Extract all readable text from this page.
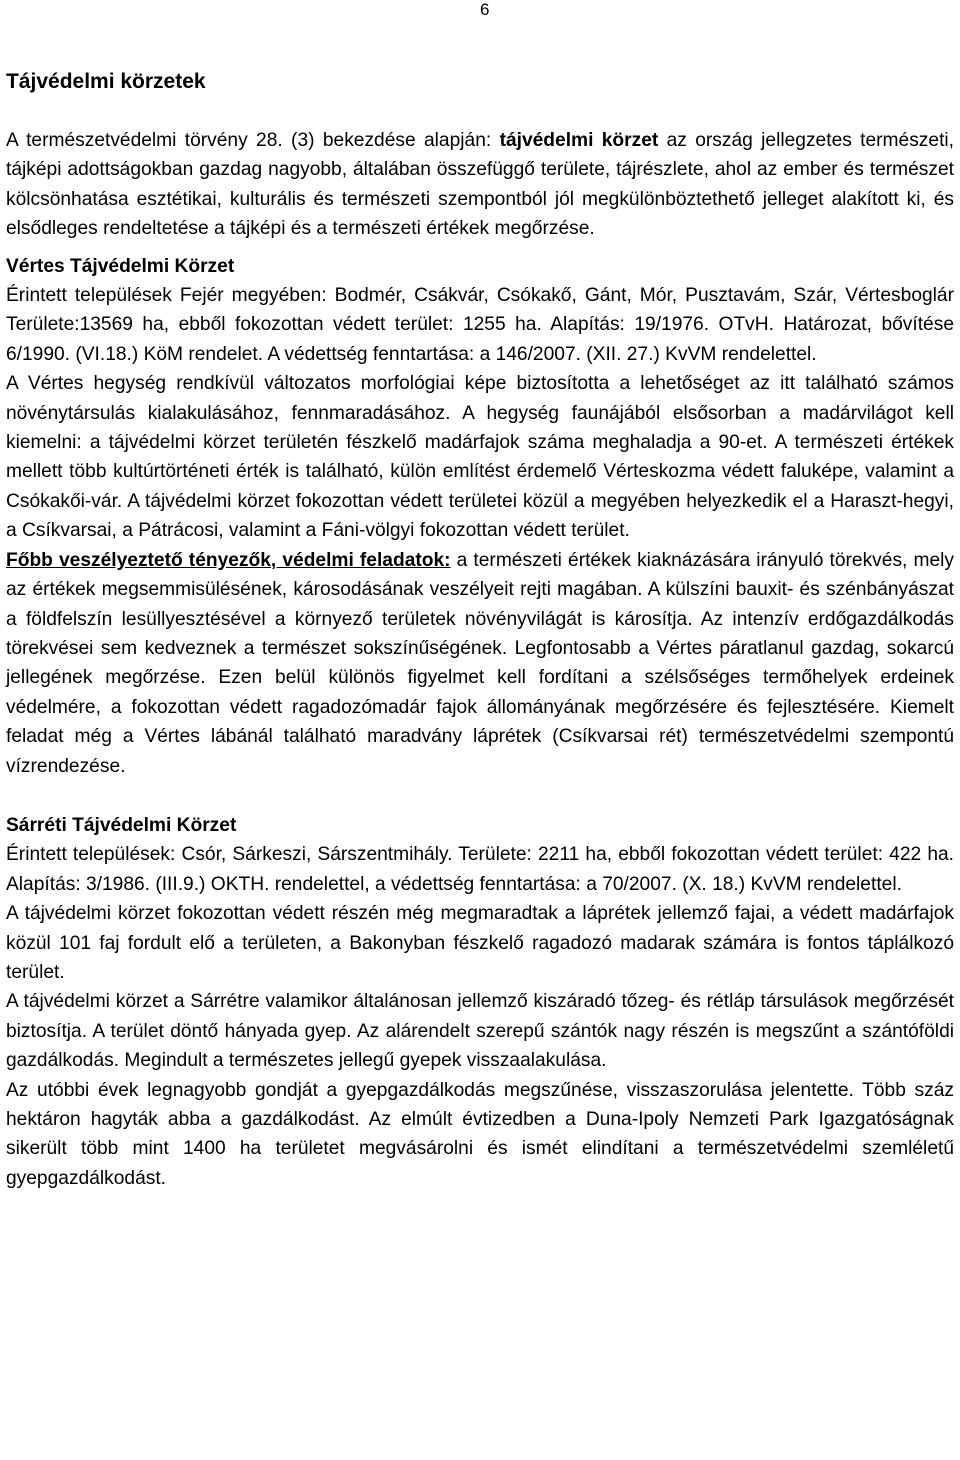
6
Tájvédelmi körzetek

A természetvédelmi törvény 28. (3) bekezdése alapján: tájvédelmi körzet az ország jellegzetes természeti, tájképi adottságokban gazdag nagyobb, általában összefüggő területe, tájrészlete, ahol az ember és természet kölcsönhatása esztétikai, kulturális és természeti szempontból jól megkülönböztethető jelleget alakított ki, és elsődleges rendeltetése a tájképi és a természeti értékek megőrzése.

Vértes Tájvédelmi Körzet

Érintett települések Fejér megyében: Bodmér, Csákvár, Csókakő, Gánt, Mór, Pusztavám, Szár, Vértesboglár Területe:13569 ha, ebből fokozottan védett terület: 1255 ha. Alapítás: 19/1976. OTvH. Határozat, bővítése 6/1990. (VI.18.) KöM rendelet. A védettség fenntartása: a 146/2007. (XII. 27.) KvVM rendelettel.

A Vértes hegység rendkívül változatos morfológiai képe biztosította a lehetőséget az itt található számos növénytársulás kialakulásához, fennmaradásához. A hegység faunájából elsősorban a madárvilágot kell kiemelni: a tájvédelmi körzet területén fészkelő madárfajok száma meghaladja a 90-et. A természeti értékek mellett több kultúrtörténeti érték is található, külön említést érdemelő Vérteskozma védett faluképe, valamint a Csókakői-vár. A tájvédelmi körzet fokozottan védett területei közül a megyében helyezkedik el a Haraszt-hegyi, a Csíkvarsai, a Pátrácosi, valamint a Fáni-völgyi fokozottan védett terület.

Főbb veszélyeztető tényezők, védelmi feladatok: a természeti értékek kiaknázására irányuló törekvés, mely az értékek megsemmisülésének, károsodásának veszélyeit rejti magában. A külszíni bauxit- és szénbányászat a földfelszín lesüllyesztésével a környező területek növényvilágát is károsítja. Az intenzív erdőgazdálkodás törekvései sem kedveznek a természet sokszínűségének. Legfontosabb a Vértes páratlanul gazdag, sokarcú jellegének megőrzése. Ezen belül különös figyelmet kell fordítani a szélsőséges termőhelyek erdeinek védelmére, a fokozottan védett ragadozómadár fajok állományának megőrzésére és fejlesztésére. Kiemelt feladat még a Vértes lábánál található maradvány láprétek (Csíkvarsai rét) természetvédelmi szempontú vízrendezése.

Sárréti Tájvédelmi Körzet

Érintett települések: Csór, Sárkeszi, Sárszentmihály. Területe: 2211 ha, ebből fokozottan védett terület: 422 ha. Alapítás: 3/1986. (III.9.) OKTH. rendelettel, a védettség fenntartása: a 70/2007. (X. 18.) KvVM rendelettel.

A tájvédelmi körzet fokozottan védett részén még megmaradtak a láprétek jellemző fajai, a védett madárfajok közül 101 faj fordult elő a területen, a Bakonyban fészkelő ragadozó madarak számára is fontos táplálkozó terület.

A tájvédelmi körzet a Sárrétre valamikor általánosan jellemző kiszáradó tőzeg- és rétláp társulások megőrzését biztosítja. A terület döntő hányada gyep. Az alárendelt szerepű szántók nagy részén is megszűnt a szántóföldi gazdálkodás. Megindult a természetes jellegű gyepek visszaalakulása.

Az utóbbi évek legnagyobb gondját a gyepgazdálkodás megszűnése, visszaszorulása jelentette. Több száz hektáron hagyták abba a gazdálkodást. Az elmúlt évtizedben a Duna-Ipoly Nemzeti Park Igazgatóságnak sikerült több mint 1400 ha területet megvásárolni és ismét elindítani a természetvédelmi szemléletű gyepgazdálkodást.
